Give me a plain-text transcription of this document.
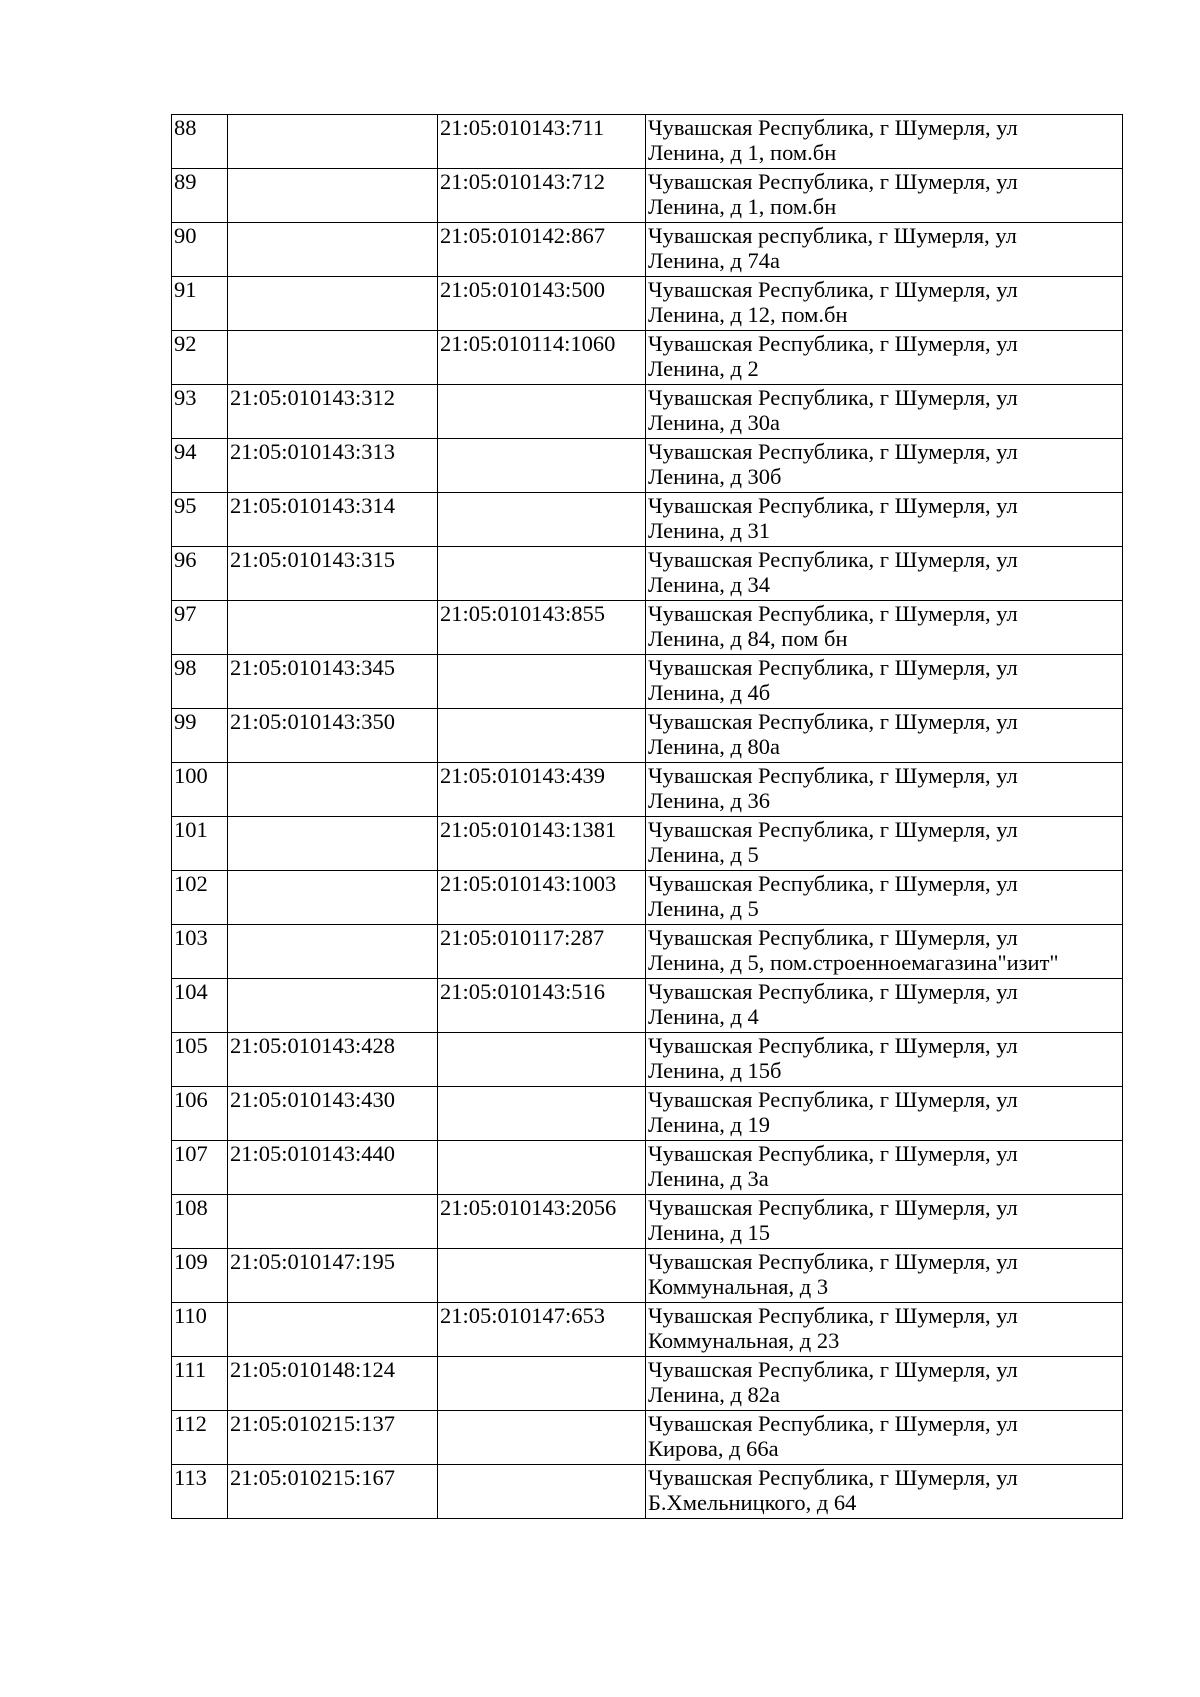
88		21:05:010143:711	Чувашская Республика, г Шумерля, ул
Ленина, д 1, пом.бн

89		21:05:010143:712	Чувашская Республика, г Шумерля, ул
Ленина, д 1, пом.бн

90		21:05:010142:867	Чувашская республика, г Шумерля, ул
Ленина, д 74а

91		21:05:010143:500	Чувашская Республика, г Шумерля, ул
Ленина, д 12, пом.бн

92		21:05:010114:1060	Чувашская Республика, г Шумерля, ул
Ленина, д 2

93	21:05:010143:312		Чувашская Республика, г Шумерля, ул
Ленина, д 30а

94	21:05:010143:313		Чувашская Республика, г Шумерля, ул
Ленина, д 30б

95	21:05:010143:314		Чувашская Республика, г Шумерля, ул
Ленина, д 31

96	21:05:010143:315		Чувашская Республика, г Шумерля, ул
Ленина, д 34

97		21:05:010143:855	Чувашская Республика, г Шумерля, ул
Ленина, д 84, пом бн

98	21:05:010143:345		Чувашская Республика, г Шумерля, ул
Ленина, д 4б

99	21:05:010143:350		Чувашская Республика, г Шумерля, ул
Ленина, д 80а

100		21:05:010143:439	Чувашская Республика, г Шумерля, ул
Ленина, д 36

101		21:05:010143:1381	Чувашская Республика, г Шумерля, ул
Ленина, д 5

102		21:05:010143:1003	Чувашская Республика, г Шумерля, ул
Ленина, д 5

103		21:05:010117:287	Чувашская Республика, г Шумерля, ул
Ленина, д 5, пом.строенноемагазина"изит"

104		21:05:010143:516	Чувашская Республика, г Шумерля, ул
Ленина, д 4

105	21:05:010143:428		Чувашская Республика, г Шумерля, ул
Ленина, д 15б

106	21:05:010143:430		Чувашская Республика, г Шумерля, ул
Ленина, д 19

107	21:05:010143:440		Чувашская Республика, г Шумерля, ул
Ленина, д 3а

108		21:05:010143:2056	Чувашская Республика, г Шумерля, ул
Ленина, д 15

109	21:05:010147:195		Чувашская Республика, г Шумерля, ул
Коммунальная, д 3

110		21:05:010147:653	Чувашская Республика, г Шумерля, ул
Коммунальная, д 23

111	21:05:010148:124		Чувашская Республика, г Шумерля, ул
Ленина, д 82а

112	21:05:010215:137		Чувашская Республика, г Шумерля, ул
Кирова, д 66а

113	21:05:010215:167		Чувашская Республика, г Шумерля, ул
Б.Хмельницкого, д 64
